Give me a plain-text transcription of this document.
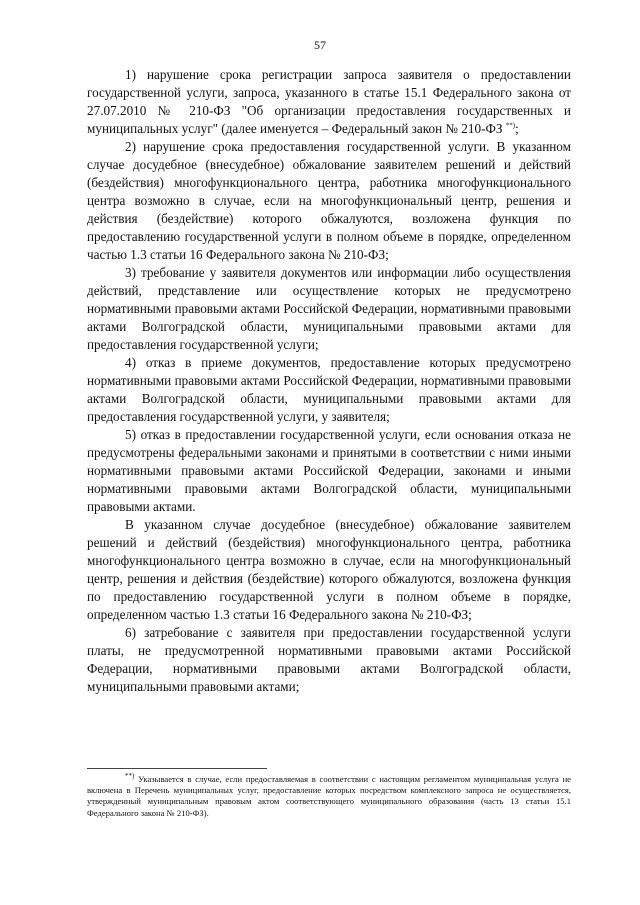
57

1) нарушение срока регистрации запроса заявителя о предоставлении государственной услуги, запроса, указанного в статье 15.1 Федерального закона от 27.07.2010 № 210-ФЗ "Об организации предоставления государственных и муниципальных услуг" (далее именуется – Федеральный закон № 210-ФЗ **);

2) нарушение срока предоставления государственной услуги. В указанном случае досудебное (внесудебное) обжалование заявителем решений и действий (бездействия) многофункционального центра, работника многофункционального центра возможно в случае, если на многофункциональный центр, решения и действия (бездействие) которого обжалуются, возложена функция по предоставлению государственной услуги в полном объеме в порядке, определенном частью 1.3 статьи 16 Федерального закона № 210-ФЗ;

3) требование у заявителя документов или информации либо осуществления действий, представление или осуществление которых не предусмотрено нормативными правовыми актами Российской Федерации, нормативными правовыми актами Волгоградской области, муниципальными правовыми актами для предоставления государственной услуги;

4) отказ в приеме документов, предоставление которых предусмотрено нормативными правовыми актами Российской Федерации, нормативными правовыми актами Волгоградской области, муниципальными правовыми актами для предоставления государственной услуги, у заявителя;

5) отказ в предоставлении государственной услуги, если основания отказа не предусмотрены федеральными законами и принятыми в соответствии с ними иными нормативными правовыми актами Российской Федерации, законами и иными нормативными правовыми актами Волгоградской области, муниципальными правовыми актами.

В указанном случае досудебное (внесудебное) обжалование заявителем решений и действий (бездействия) многофункционального центра, работника многофункционального центра возможно в случае, если на многофункциональный центр, решения и действия (бездействие) которого обжалуются, возложена функция по предоставлению государственной услуги в полном объеме в порядке, определенном частью 1.3 статьи 16 Федерального закона № 210-ФЗ;

6) затребование с заявителя при предоставлении государственной услуги платы, не предусмотренной нормативными правовыми актами Российской Федерации, нормативными правовыми актами Волгоградской области, муниципальными правовыми актами;

**) Указывается в случае, если предоставляемая в соответствии с настоящим регламентом муниципальная услуга не включена в Перечень муниципальных услуг, предоставление которых посредством комплексного запроса не осуществляется, утвержденный муниципальным правовым актом соответствующего муниципального образования (часть 13 статьи 15.1 Федерального закона № 210-ФЗ).
